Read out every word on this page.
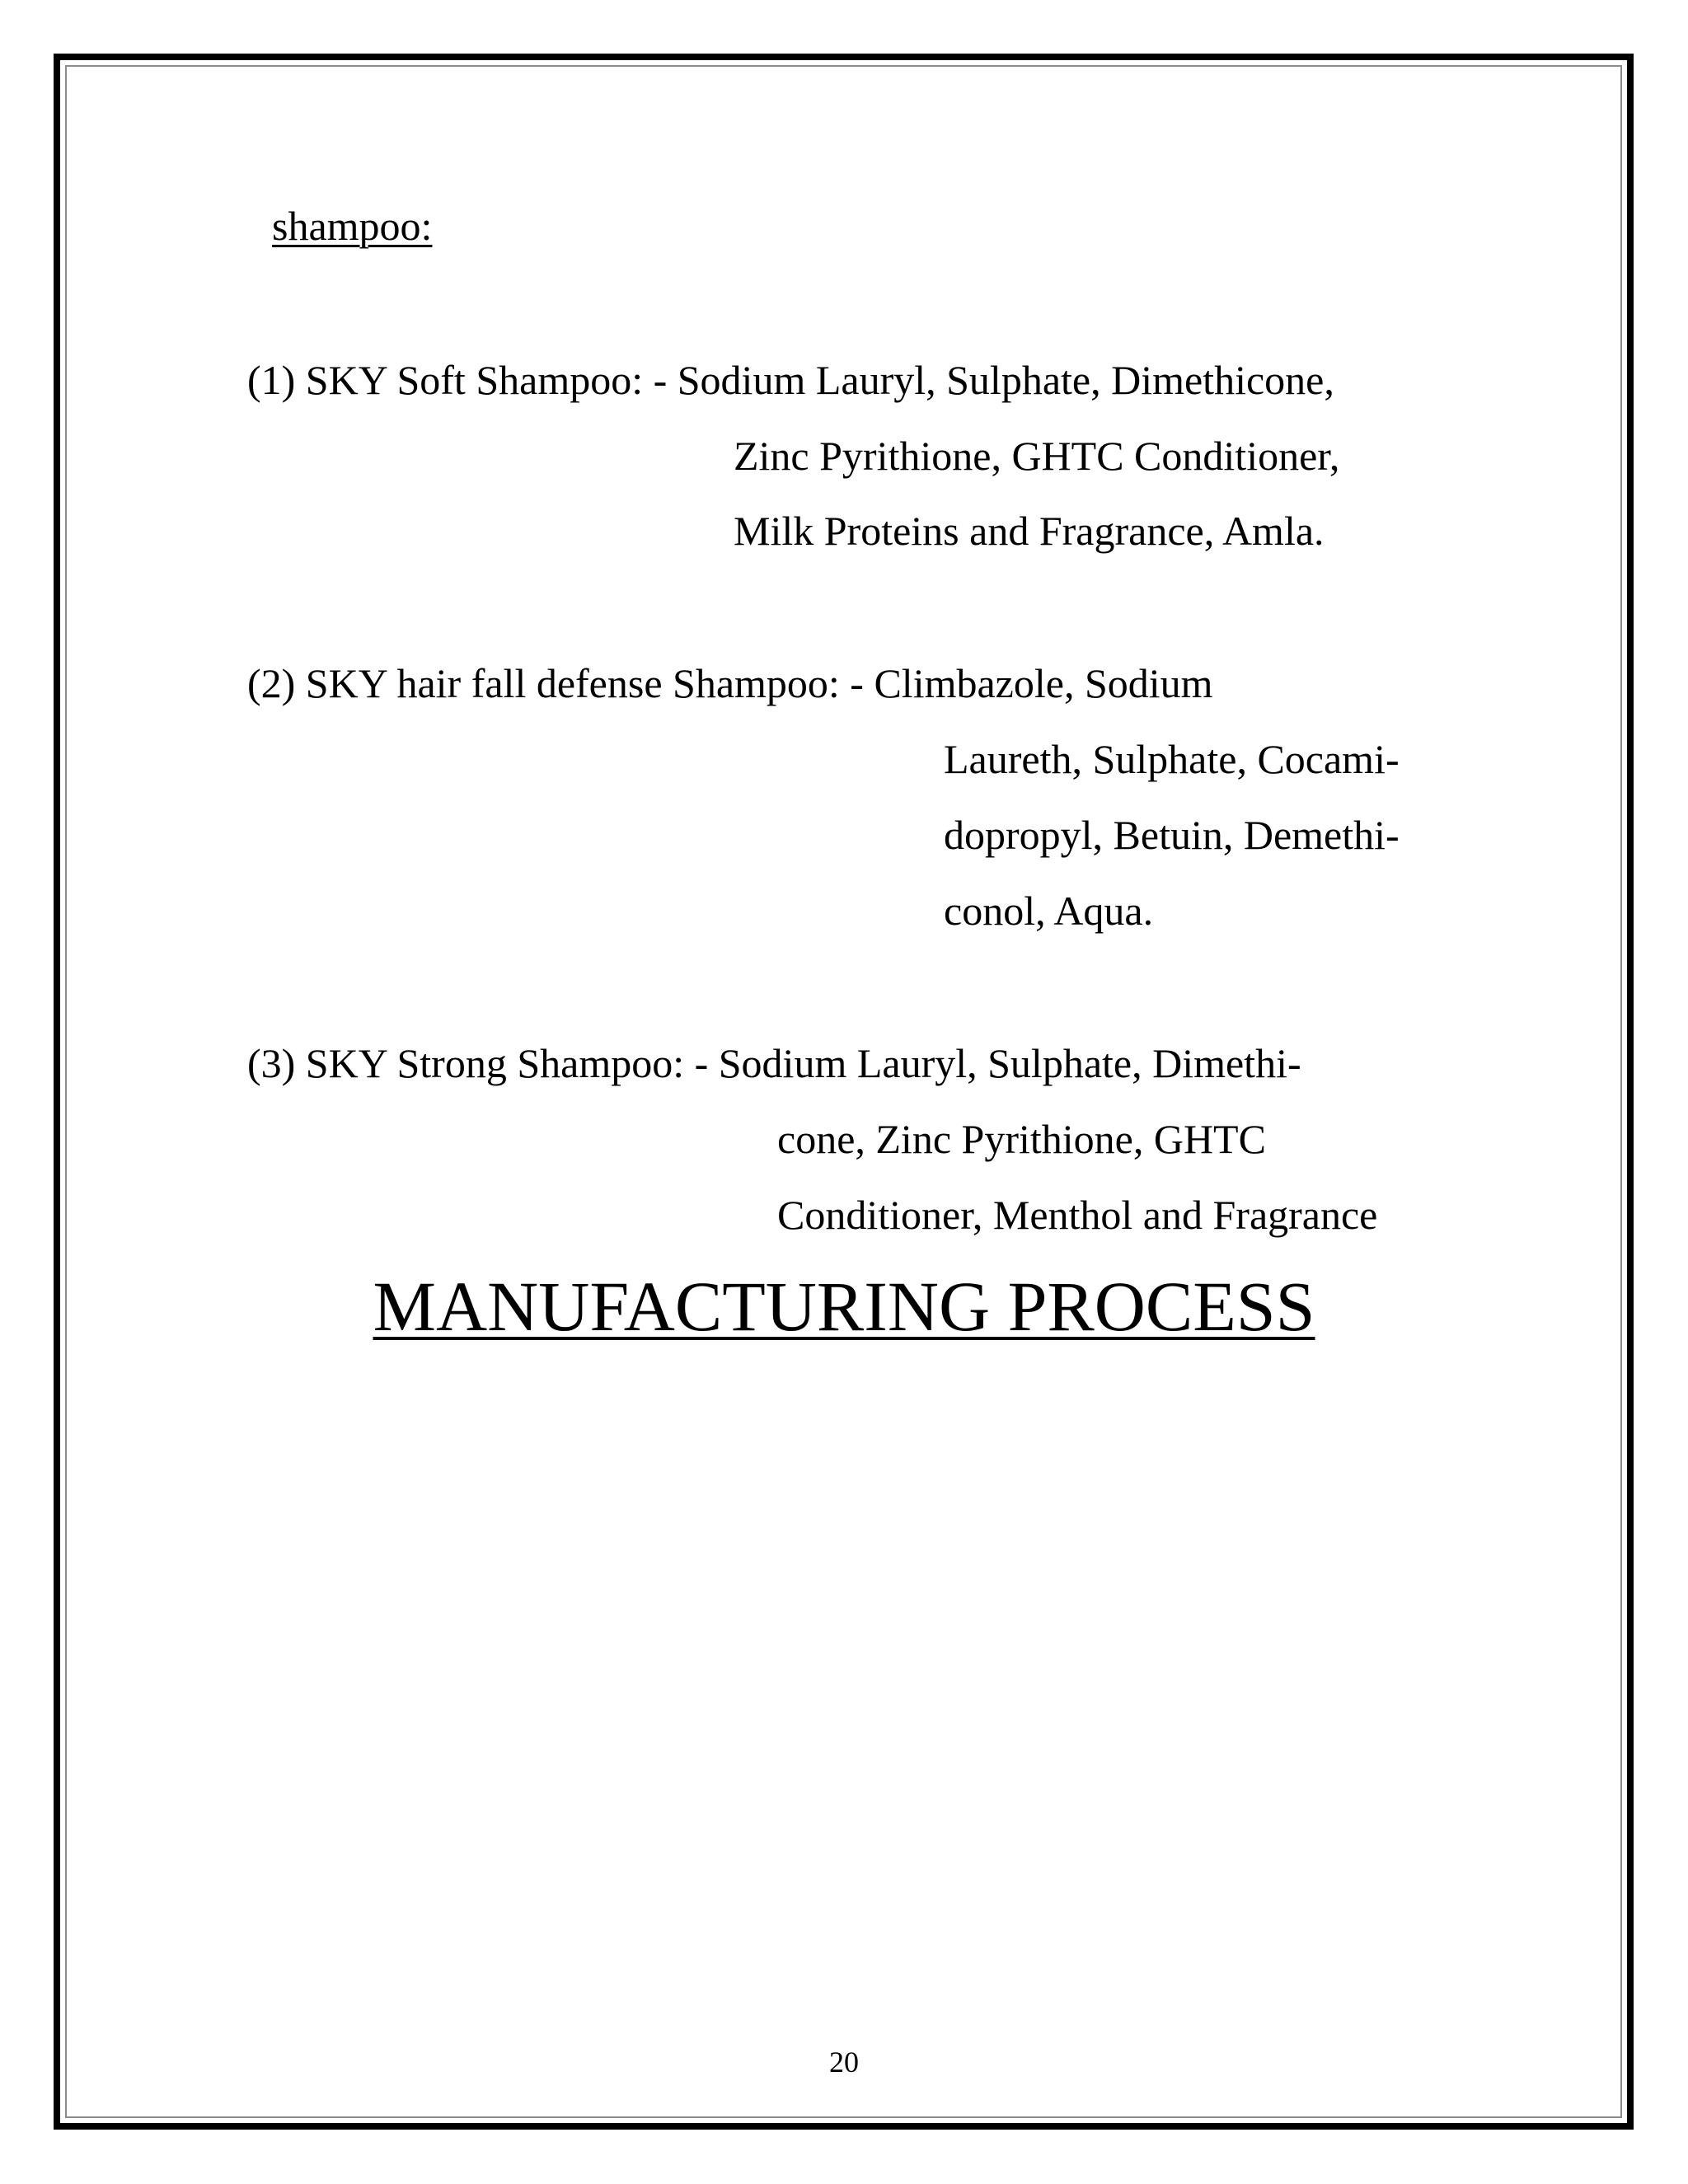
shampoo:
(1) SKY Soft Shampoo: - Sodium Lauryl, Sulphate, Dimethicone,
Zinc Pyrithione, GHTC Conditioner,
Milk Proteins and Fragrance, Amla.
(2) SKY hair fall defense Shampoo: - Climbazole, Sodium
Laureth, Sulphate, Cocami-
dopropyl, Betuin, Demethi-
conol, Aqua.
(3) SKY Strong Shampoo: - Sodium Lauryl, Sulphate, Dimethi-
cone, Zinc Pyrithione, GHTC
Conditioner, Menthol and Fragrance
MANUFACTURING PROCESS
20
